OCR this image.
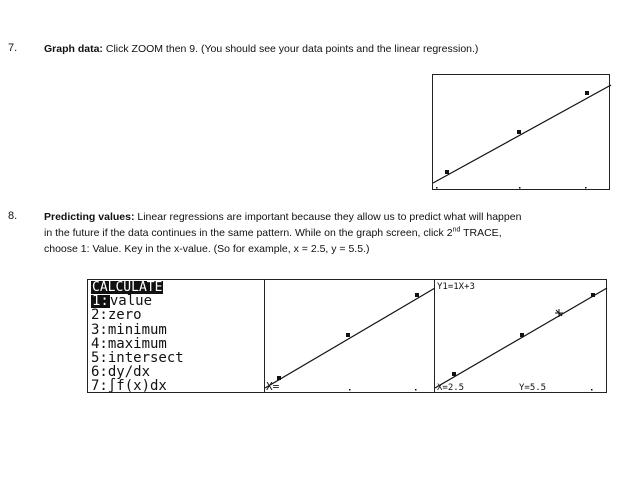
7.	Graph data: Click ZOOM then 9. (You should see your data points and the linear regression.)
8.	Predicting values: Linear regressions are important because they allow us to predict what will happen
in the future if the data continues in the same pattern. While on the graph screen, click 2nd TRACE,
choose 1: Value. Key in the x-value. (So for example, x = 2.5, y = 5.5.)
CALCULATE
1:value
2:zero
3:minimum
4:maximum
5:intersect
6:dy/dx
7:∫f(x)dx	X=
Y1=1X+3
X=2.5	Y=5.5
